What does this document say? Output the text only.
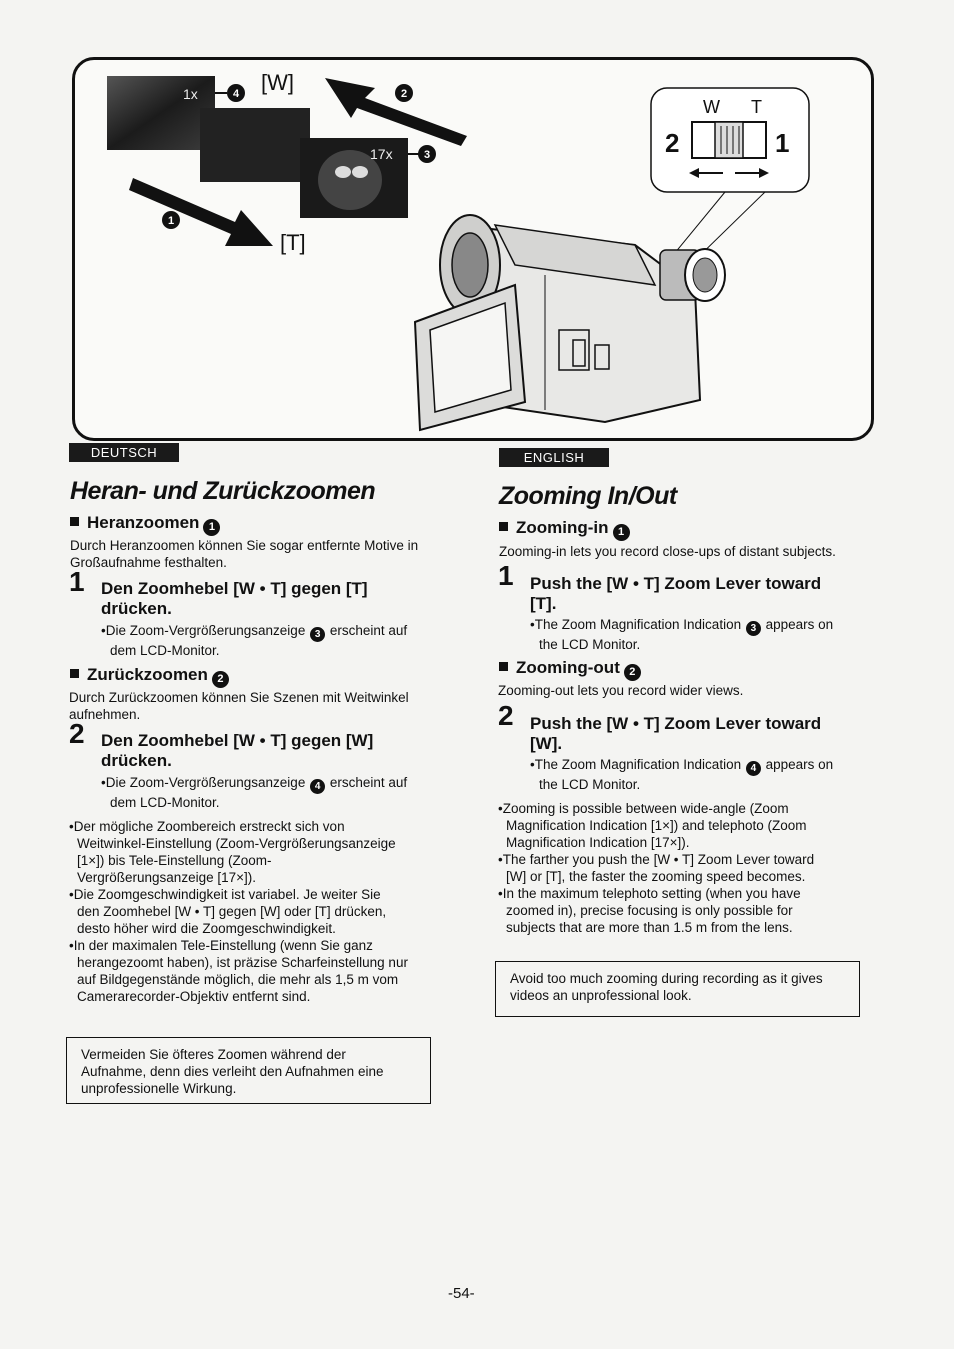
1x
17x
4
3
2
1
[W]
[T]
W T
2	1
DEUTSCH
Heran- und Zurückzoomen
Heranzoomen 1
Durch Heranzoomen können Sie sogar entfernte Motive in Großaufnahme festhalten.
1 Den Zoomhebel [W • T] gegen [T]
drücken.
•Die Zoom-Vergrößerungsanzeige 3 erscheint auf
dem LCD-Monitor.
Zurückzoomen 2
Durch Zurückzoomen können Sie Szenen mit Weitwinkel aufnehmen.
2 Den Zoomhebel [W • T] gegen [W]
drücken.
•Die Zoom-Vergrößerungsanzeige 4 erscheint auf
dem LCD-Monitor.
•Der mögliche Zoombereich erstreckt sich von
Weitwinkel-Einstellung (Zoom-Vergrößerungsanzeige
[1×]) bis Tele-Einstellung (Zoom-
Vergrößerungsanzeige [17×]).
•Die Zoomgeschwindigkeit ist variabel. Je weiter Sie
den Zoomhebel [W • T] gegen [W] oder [T] drücken,
desto höher wird die Zoomgeschwindigkeit.
•In der maximalen Tele-Einstellung (wenn Sie ganz
herangezoomt haben), ist präzise Scharfeinstellung nur
auf Bildgegenstände möglich, die mehr als 1,5 m vom
Camerarecorder-Objektiv entfernt sind.
Vermeiden Sie öfteres Zoomen während der
Aufnahme, denn dies verleiht den Aufnahmen eine
unprofessionelle Wirkung.
ENGLISH
Zooming In/Out
Zooming-in 1
Zooming-in lets you record close-ups of distant subjects.
1 Push the [W • T] Zoom Lever toward
[T].
•The Zoom Magnification Indication 3 appears on
the LCD Monitor.
Zooming-out 2
Zooming-out lets you record wider views.
2 Push the [W • T] Zoom Lever toward
[W].
•The Zoom Magnification Indication 4 appears on
the LCD Monitor.
•Zooming is possible between wide-angle (Zoom
Magnification Indication [1×]) and telephoto (Zoom
Magnification Indication [17×]).
•The farther you push the [W • T] Zoom Lever toward
[W] or [T], the faster the zooming speed becomes.
•In the maximum telephoto setting (when you have
zoomed in), precise focusing is only possible for
subjects that are more than 1.5 m from the lens.
Avoid too much zooming during recording as it gives
videos an unprofessional look.
-54-
